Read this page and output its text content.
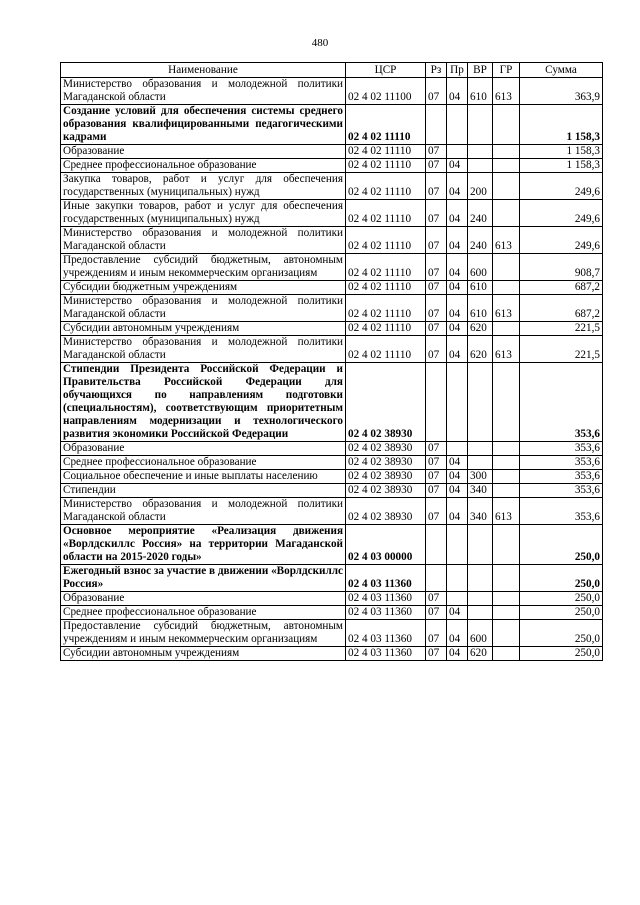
480
Наименование	ЦСР	Рз	Пр	ВР	ГР	Сумма
Министерство образования и молодежной политики Магаданской области	02 4 02 11100	07	04	610	613	363,9
Создание условий для обеспечения системы среднего образования квалифицированными педагогическими кадрами	02 4 02 11110					1 158,3
Образование	02 4 02 11110	07				1 158,3
Среднее профессиональное образование	02 4 02 11110	07	04			1 158,3
Закупка товаров, работ и услуг для обеспечения государственных (муниципальных) нужд	02 4 02 11110	07	04	200		249,6
Иные закупки товаров, работ и услуг для обеспечения государственных (муниципальных) нужд	02 4 02 11110	07	04	240		249,6
Министерство образования и молодежной политики Магаданской области	02 4 02 11110	07	04	240	613	249,6
Предоставление субсидий бюджетным, автономным учреждениям и иным некоммерческим организациям	02 4 02 11110	07	04	600		908,7
Субсидии бюджетным учреждениям	02 4 02 11110	07	04	610		687,2
Министерство образования и молодежной политики Магаданской области	02 4 02 11110	07	04	610	613	687,2
Субсидии автономным учреждениям	02 4 02 11110	07	04	620		221,5
Министерство образования и молодежной политики Магаданской области	02 4 02 11110	07	04	620	613	221,5
Стипендии Президента Российской Федерации и Правительства Российской Федерации для обучающихся по направлениям подготовки (специальностям), соответствующим приоритетным направлениям модернизации и технологического развития экономики Российской Федерации	02 4 02 38930					353,6
Образование	02 4 02 38930	07				353,6
Среднее профессиональное образование	02 4 02 38930	07	04			353,6
Социальное обеспечение и иные выплаты населению	02 4 02 38930	07	04	300		353,6
Стипендии	02 4 02 38930	07	04	340		353,6
Министерство образования и молодежной политики Магаданской области	02 4 02 38930	07	04	340	613	353,6
Основное мероприятие «Реализация движения «Ворлдскиллс Россия» на территории Магаданской области на 2015-2020 годы»	02 4 03 00000					250,0
Ежегодный взнос за участие в движении «Ворлдскиллс Россия»	02 4 03 11360					250,0
Образование	02 4 03 11360	07				250,0
Среднее профессиональное образование	02 4 03 11360	07	04			250,0
Предоставление субсидий бюджетным, автономным учреждениям и иным некоммерческим организациям	02 4 03 11360	07	04	600		250,0
Субсидии автономным учреждениям	02 4 03 11360	07	04	620		250,0
